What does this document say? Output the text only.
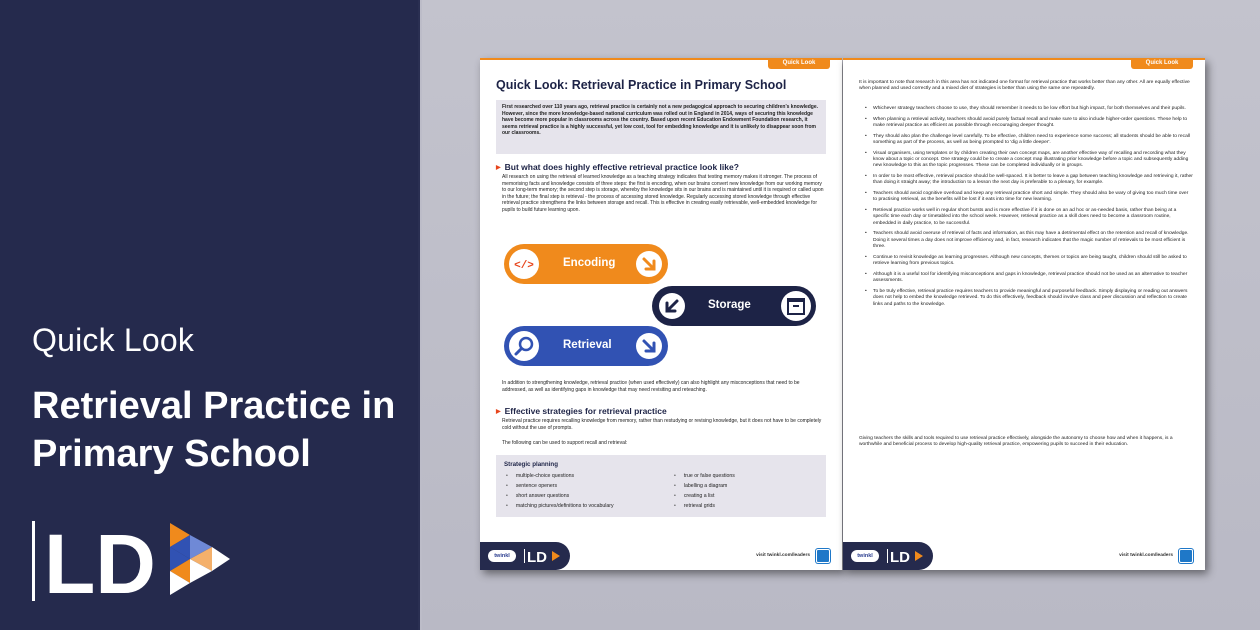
Quick Look
Retrieval Practice in Primary School
LD
Quick Look
Quick Look: Retrieval Practice in Primary School
First researched over 110 years ago, retrieval practice is certainly not a new pedagogical approach to securing children's knowledge. However, since the more knowledge-based national curriculum was rolled out in England in 2014, ways of securing this knowledge have become more popular in classrooms across the country. Based upon recent Education Endowment Foundation research, it seems retrieval practice is a highly successful, yet low cost, tool for embedding knowledge and it is unlikely to disappear soon from our classrooms.
▶ But what does highly effective retrieval practice look like?
All research on using the retrieval of learned knowledge as a teaching strategy indicates that testing memory makes it stronger. The process of memorising facts and knowledge consists of three steps: the first is encoding, when our brains convert new knowledge from our working memory to our long-term memory; the second step is storage, whereby the knowledge sits in our brains and is maintained until it is required or called upon in the future; the final step is retrieval - the process of accessing stored knowledge. Regularly accessing stored knowledge through effective retrieval practice strengthens the links between storage and recall. This is effective in creating easily retrievable, well-embedded knowledge for pupils to build future learning upon.
</>	Encoding
Storage
Retrieval
In addition to strengthening knowledge, retrieval practice (when used effectively) can also highlight any misconceptions that need to be addressed, as well as identifying gaps in knowledge that may need revisiting and reteaching.
▶ Effective strategies for retrieval practice
Retrieval practice requires recalling knowledge from memory, rather than restudying or revising knowledge, but it does not have to be completely cold without the use of prompts.
The following can be used to support recall and retrieval:
Strategic planning
• multiple-choice questions
• sentence openers
• short answer questions
• matching pictures/definitions to vocabulary
• true or false questions
• labelling a diagram
• creating a list
• retrieval grids
twinkl	LD	visit twinkl.com/leaders
Quick Look
It is important to note that research in this area has not indicated one format for retrieval practice that works better than any other. All are equally effective when planned and used correctly and a mixed diet of strategies is better than using the same one repeatedly.
• Whichever strategy teachers choose to use, they should remember it needs to be low effort but high impact, for both themselves and their pupils.
• When planning a retrieval activity, teachers should avoid purely factual recall and make sure to also include higher-order questions. These help to make retrieval practice as efficient as possible through encouraging deeper thought.
• They should also plan the challenge level carefully. To be effective, children need to experience some success; all students should be able to recall something as part of the process, as well as being prompted to 'dig a little deeper'.
• Visual organisers, using templates or by children creating their own concept maps, are another effective way of recalling and recording what they know about a topic or concept. One strategy could be to create a concept map illustrating prior knowledge before a topic and subsequently adding new knowledge to this as the topic progresses. These can be completed individually or in groups.
• In order to be most effective, retrieval practice should be well-spaced. It is better to leave a gap between teaching knowledge and retrieving it, rather than doing it straight away; the introduction to a lesson the next day is preferable to a plenary, for example.
• Teachers should avoid cognitive overload and keep any retrieval practice short and simple. They should also be wary of giving too much time over to practising retrieval, as the benefits will be lost if it eats into time for new learning.
• Retrieval practice works well in regular short bursts and is more effective if it is done on an ad hoc or as-needed basis, rather than being at a specific time each day or timetabled into the school week. However, retrieval practice as a skill does need to become a classroom routine, embedded in daily practice, to be successful.
• Teachers should avoid overuse of retrieval of facts and information, as this may have a detrimental effect on the retention and recall of knowledge. Doing it several times a day does not improve efficiency and, in fact, research indicates that the magic number of retrievals to be most efficient is three.
• Continue to revisit knowledge as learning progresses. Although new concepts, themes or topics are being taught, children should still be asked to retrieve learning from previous topics.
• Although it is a useful tool for identifying misconceptions and gaps in knowledge, retrieval practice should not be used as an alternative to teacher assessments.
• To be truly effective, retrieval practice requires teachers to provide meaningful and purposeful feedback. Simply displaying or reading out answers does not help to embed the knowledge retrieved. To do this effectively, feedback should involve class and peer discussion and reflection to create links and paths to the knowledge.
Giving teachers the skills and tools required to use retrieval practice effectively, alongside the autonomy to choose how and when it happens, is a worthwhile and beneficial process to develop high-quality retrieval practice, empowering pupils to succeed in their education.
twinkl	LD	visit twinkl.com/leaders
